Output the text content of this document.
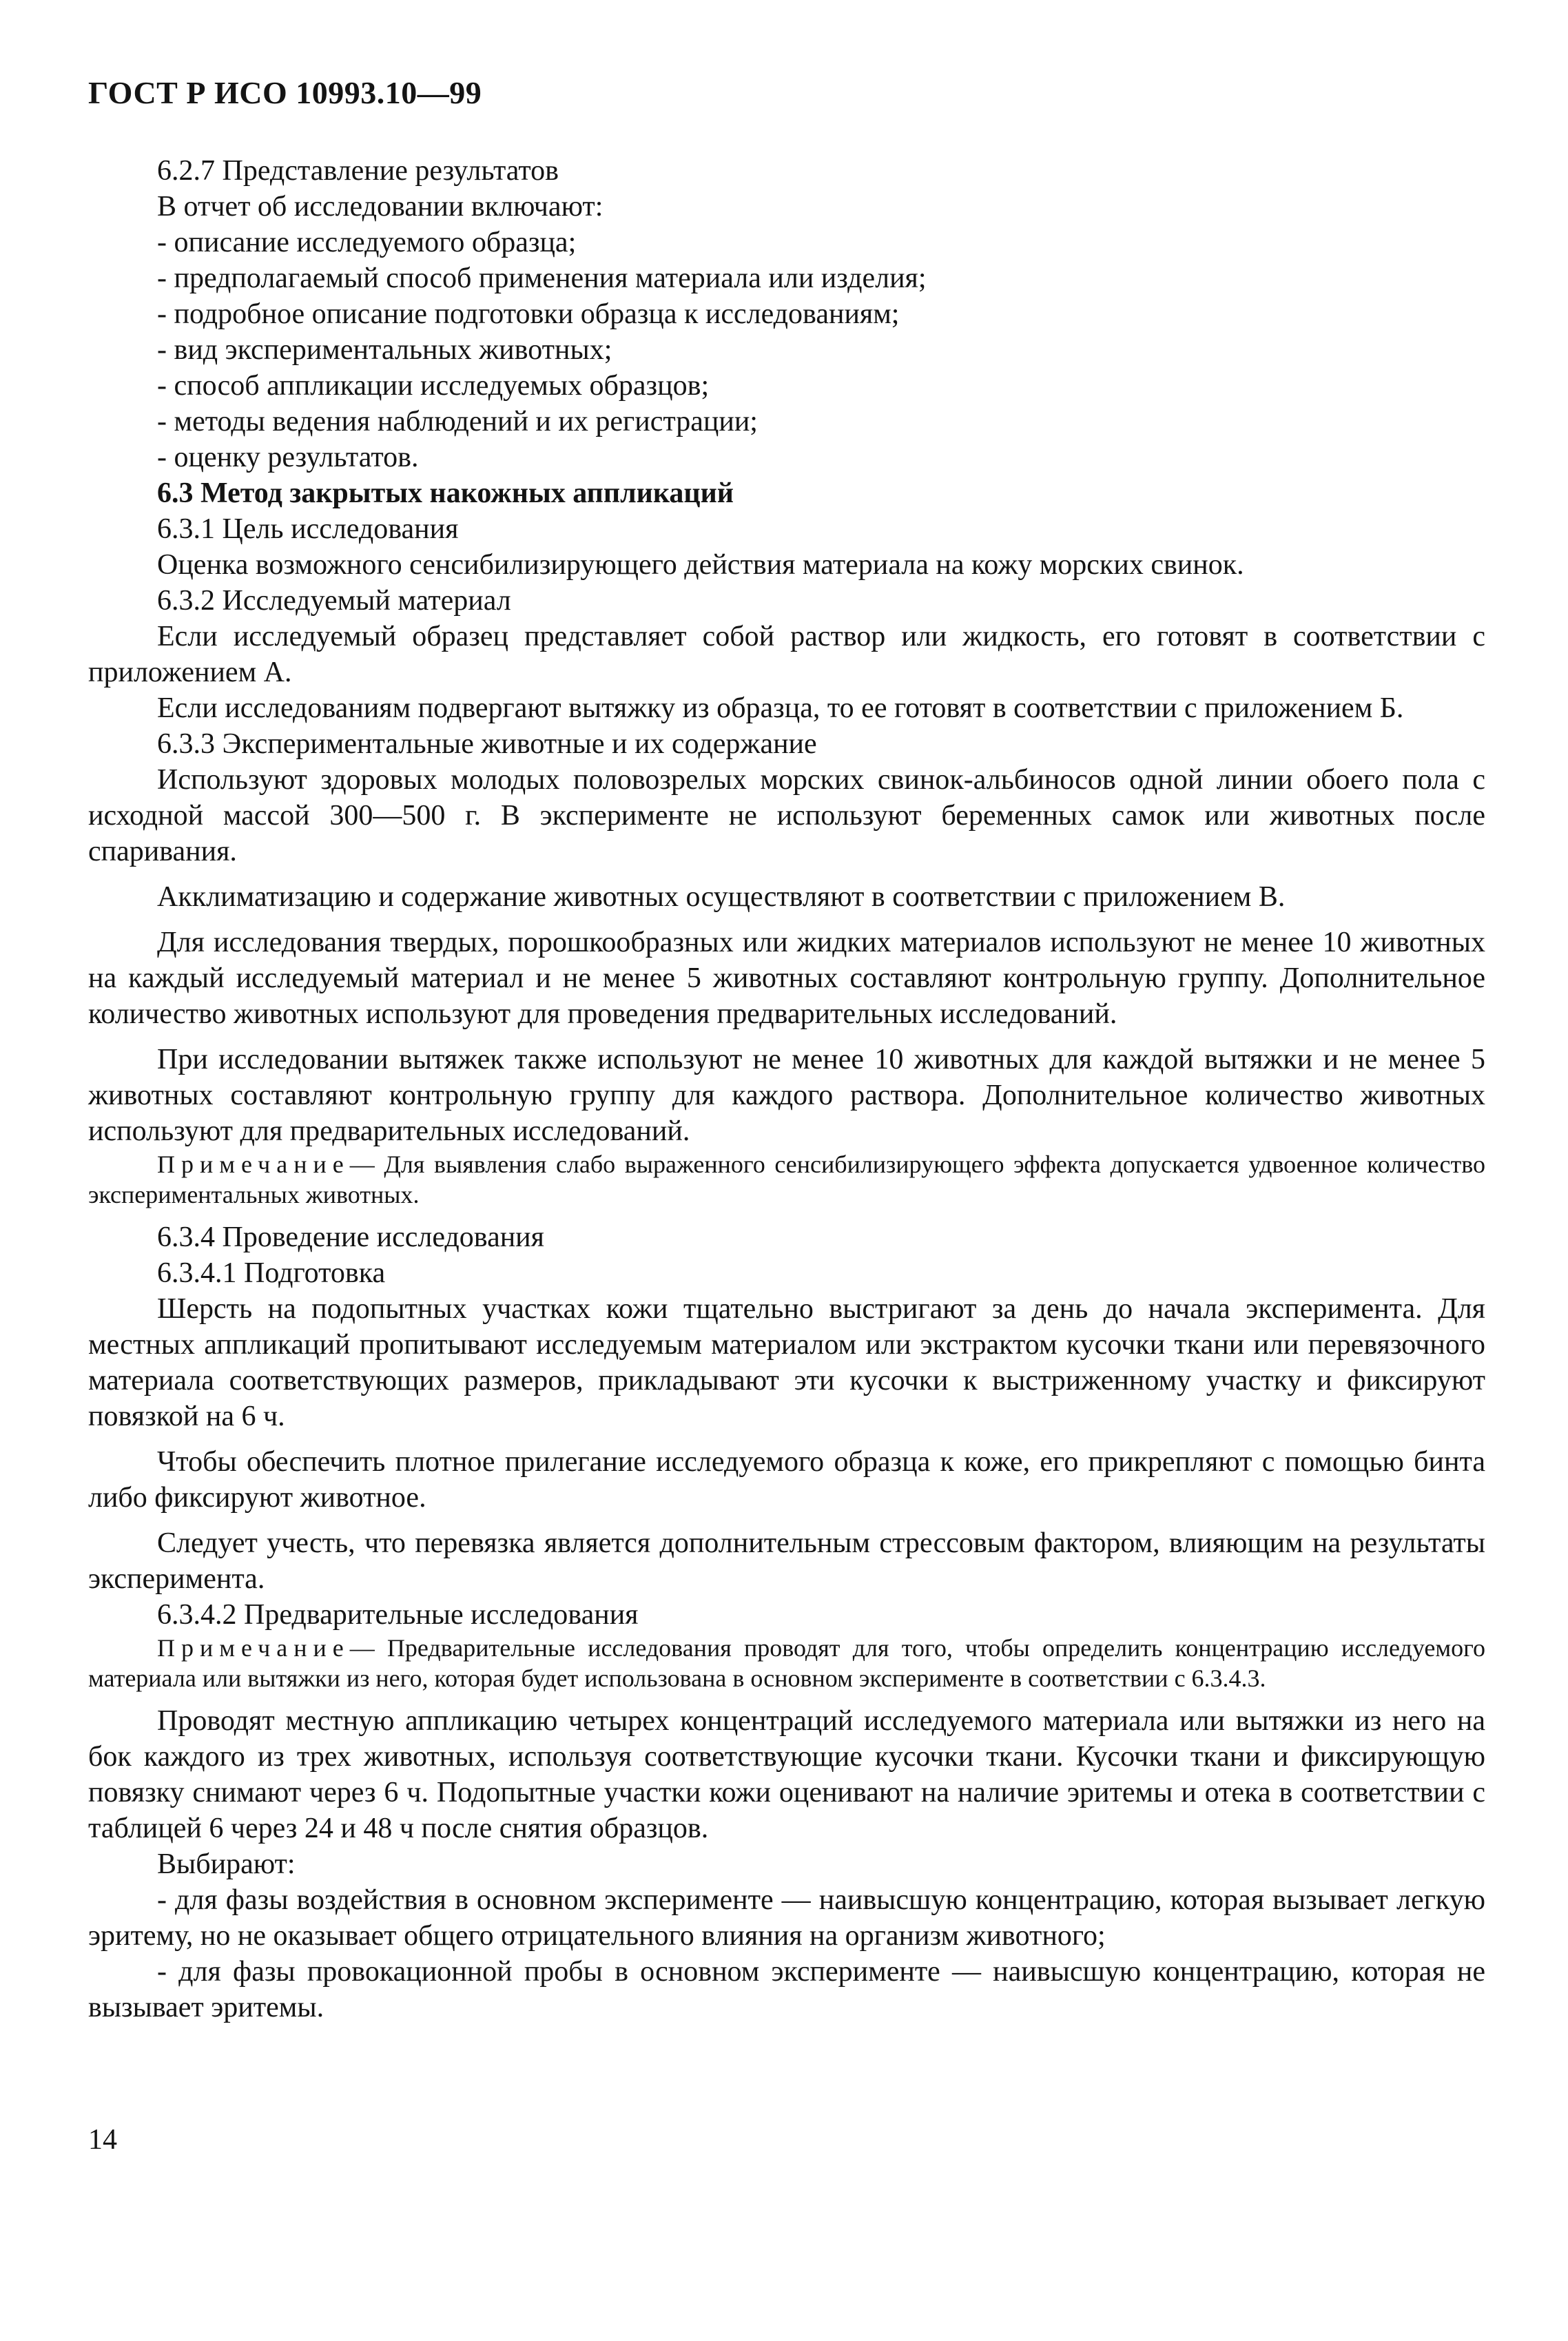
ГОСТ Р ИСО 10993.10—99
6.2.7 Представление результатов
В отчет об исследовании включают:
- описание исследуемого образца;
- предполагаемый способ применения материала или изделия;
- подробное описание подготовки образца к исследованиям;
- вид экспериментальных животных;
- способ аппликации исследуемых образцов;
- методы ведения наблюдений и их регистрации;
- оценку результатов.
6.3 Метод закрытых накожных аппликаций
6.3.1 Цель исследования

Оценка возможного сенсибилизирующего действия материала на кожу морских свинок.

6.3.2 Исследуемый материал

Если исследуемый образец представляет собой раствор или жидкость, его готовят в соответствии с приложением А.

Если исследованиям подвергают вытяжку из образца, то ее готовят в соответствии с приложением Б.

6.3.3 Экспериментальные животные и их содержание

Используют здоровых молодых половозрелых морских свинок-альбиносов одной линии обоего пола с исходной массой 300—500 г. В эксперименте не используют беременных самок или животных после спаривания.

Акклиматизацию и содержание животных осуществляют в соответствии с приложением В.

Для исследования твердых, порошкообразных или жидких материалов используют не менее 10 животных на каждый исследуемый материал и не менее 5 животных составляют контрольную группу. Дополнительное количество животных используют для проведения предварительных исследований.

При исследовании вытяжек также используют не менее 10 животных для каждой вытяжки и не менее 5 животных составляют контрольную группу для каждого раствора. Дополнительное количество животных используют для предварительных исследований.

Примечание— Для выявления слабо выраженного сенсибилизирующего эффекта допускается удвоенное количество экспериментальных животных.

6.3.4 Проведение исследования
6.3.4.1 Подготовка

Шерсть на подопытных участках кожи тщательно выстригают за день до начала эксперимента. Для местных аппликаций пропитывают исследуемым материалом или экстрактом кусочки ткани или перевязочного материала соответствующих размеров, прикладывают эти кусочки к выстриженному участку и фиксируют повязкой на 6 ч.

Чтобы обеспечить плотное прилегание исследуемого образца к коже, его прикрепляют с помощью бинта либо фиксируют животное.

Следует учесть, что перевязка является дополнительным стрессовым фактором, влияющим на результаты эксперимента.

6.3.4.2 Предварительные исследования

Примечание— Предварительные исследования проводят для того, чтобы определить концентрацию исследуемого материала или вытяжки из него, которая будет использована в основном эксперименте в соответствии с 6.3.4.3.

Проводят местную аппликацию четырех концентраций исследуемого материала или вытяжки из него на бок каждого из трех животных, используя соответствующие кусочки ткани. Кусочки ткани и фиксирующую повязку снимают через 6 ч. Подопытные участки кожи оценивают на наличие эритемы и отека в соответствии с таблицей 6 через 24 и 48 ч после снятия образцов.

Выбирают:

- для фазы воздействия в основном эксперименте — наивысшую концентрацию, которая вызывает легкую эритему, но не оказывает общего отрицательного влияния на организм животного;

- для фазы провокационной пробы в основном эксперименте — наивысшую концентрацию, которая не вызывает эритемы.

14
